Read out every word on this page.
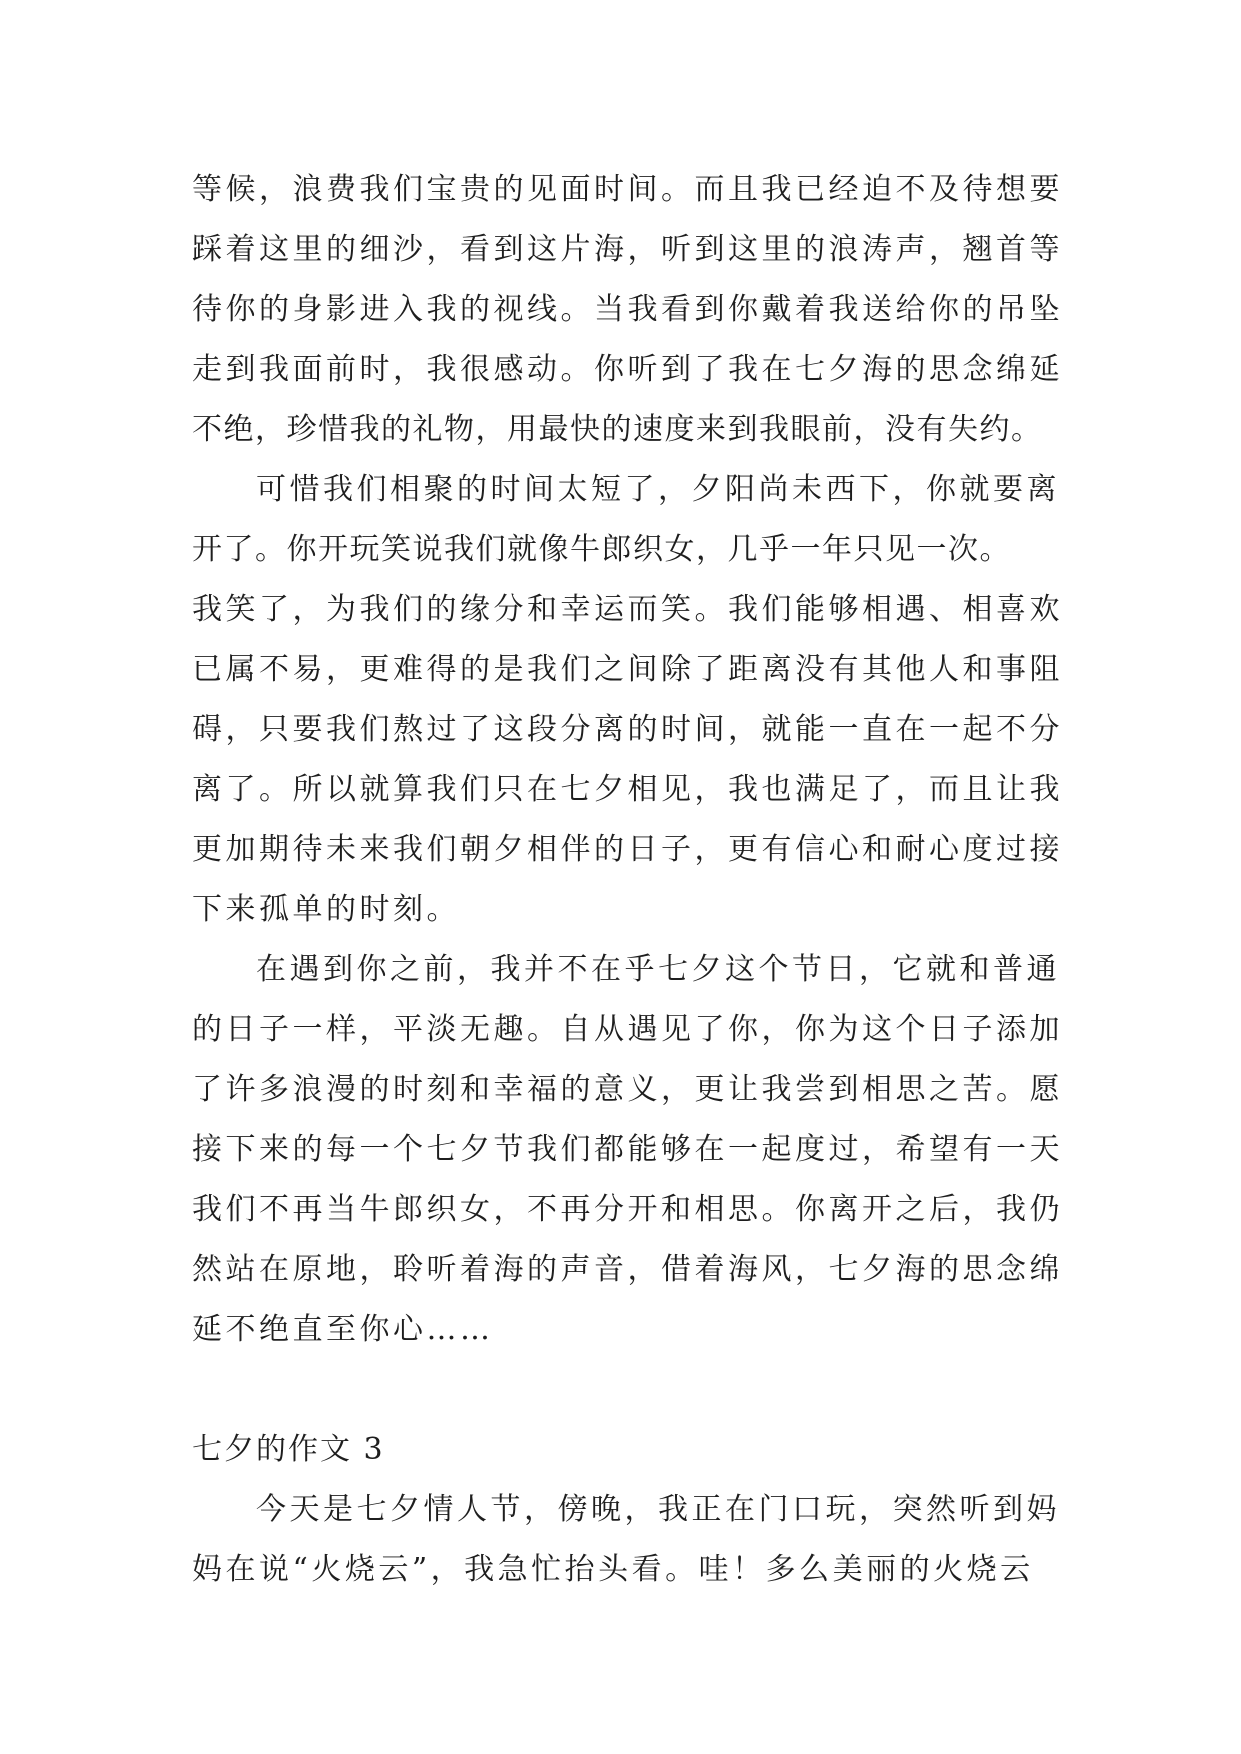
等候，浪费我们宝贵的见面时间。而且我已经迫不及待想要
踩着这里的细沙，看到这片海，听到这里的浪涛声，翘首等
待你的身影进入我的视线。当我看到你戴着我送给你的吊坠
走到我面前时，我很感动。你听到了我在七夕海的思念绵延
不绝，珍惜我的礼物，用最快的速度来到我眼前，没有失约。
可惜我们相聚的时间太短了，夕阳尚未西下，你就要离
开了。你开玩笑说我们就像牛郎织女，几乎一年只见一次。
我笑了，为我们的缘分和幸运而笑。我们能够相遇、相喜欢
已属不易，更难得的是我们之间除了距离没有其他人和事阻
碍，只要我们熬过了这段分离的时间，就能一直在一起不分
离了。所以就算我们只在七夕相见，我也满足了，而且让我
更加期待未来我们朝夕相伴的日子，更有信心和耐心度过接
下来孤单的时刻。
在遇到你之前，我并不在乎七夕这个节日，它就和普通
的日子一样，平淡无趣。自从遇见了你，你为这个日子添加
了许多浪漫的时刻和幸福的意义，更让我尝到相思之苦。愿
接下来的每一个七夕节我们都能够在一起度过，希望有一天
我们不再当牛郎织女，不再分开和相思。你离开之后，我仍
然站在原地，聆听着海的声音，借着海风，七夕海的思念绵
延不绝直至你心……
七夕的作文 3
今天是七夕情人节，傍晚，我正在门口玩，突然听到妈
妈在说“火烧云”，我急忙抬头看。哇！多么美丽的火烧云
